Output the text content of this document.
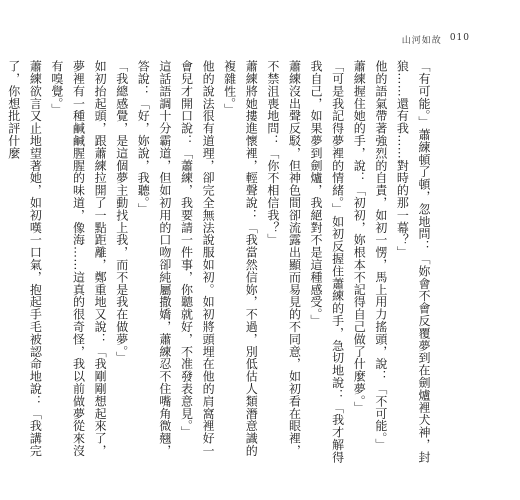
山河如故 010

「有可能。」蕭練頓了頓，忽地問：「妳會不會反覆夢到在劍爐裡犬神，封狼……還有我……對時的那一幕？」

他的語氣帶著強烈的自責，如初一愣，馬上用力搖頭，說：「不可能。」

蕭練握住她的手，說：「初初，妳根本不記得自己做了什麼夢。」

「可是我記得夢裡的情緒。」如初反握住蕭練的手，急切地說：「我才解得我自己，如果夢到劍爐，我絕對不是這種感受。」

蕭練沒出聲反駁，但神色間卻流露出顯而易見的不同意，如初看在眼裡，不禁沮喪地問：「你不相信我？」

蕭練將她摟進懷裡，輕聲說：「我當然信妳，不過，別低估人類潛意識的複雜性。」

他的說法很有道理，卻完全無法說服如初。如初將頭埋在他的肩窩裡好一會兒才開口說：「蕭練，我要請一件事，你聽就好，不准發表意見。」

這話語調十分霸道，但如初用的口吻卻純屬撒嬌，蕭練忍不住嘴角微翹，答說：「好，妳說，我聽。」

「我總感覺，是這個夢主動找上我，而不是我在做夢。」

如初抬起頭，跟蕭練拉開了一點距離，鄭重地又說：「我剛剛想起來了，夢裡有一種鹹鹹腥腥的味道，像海……這真的很奇怪，我以前做夢從來沒有嗅覺。」

蕭練欲言又止地望著她，如初嘆一口氣，抱起手毛被認命地說：「我講完了，你想批評什麼
